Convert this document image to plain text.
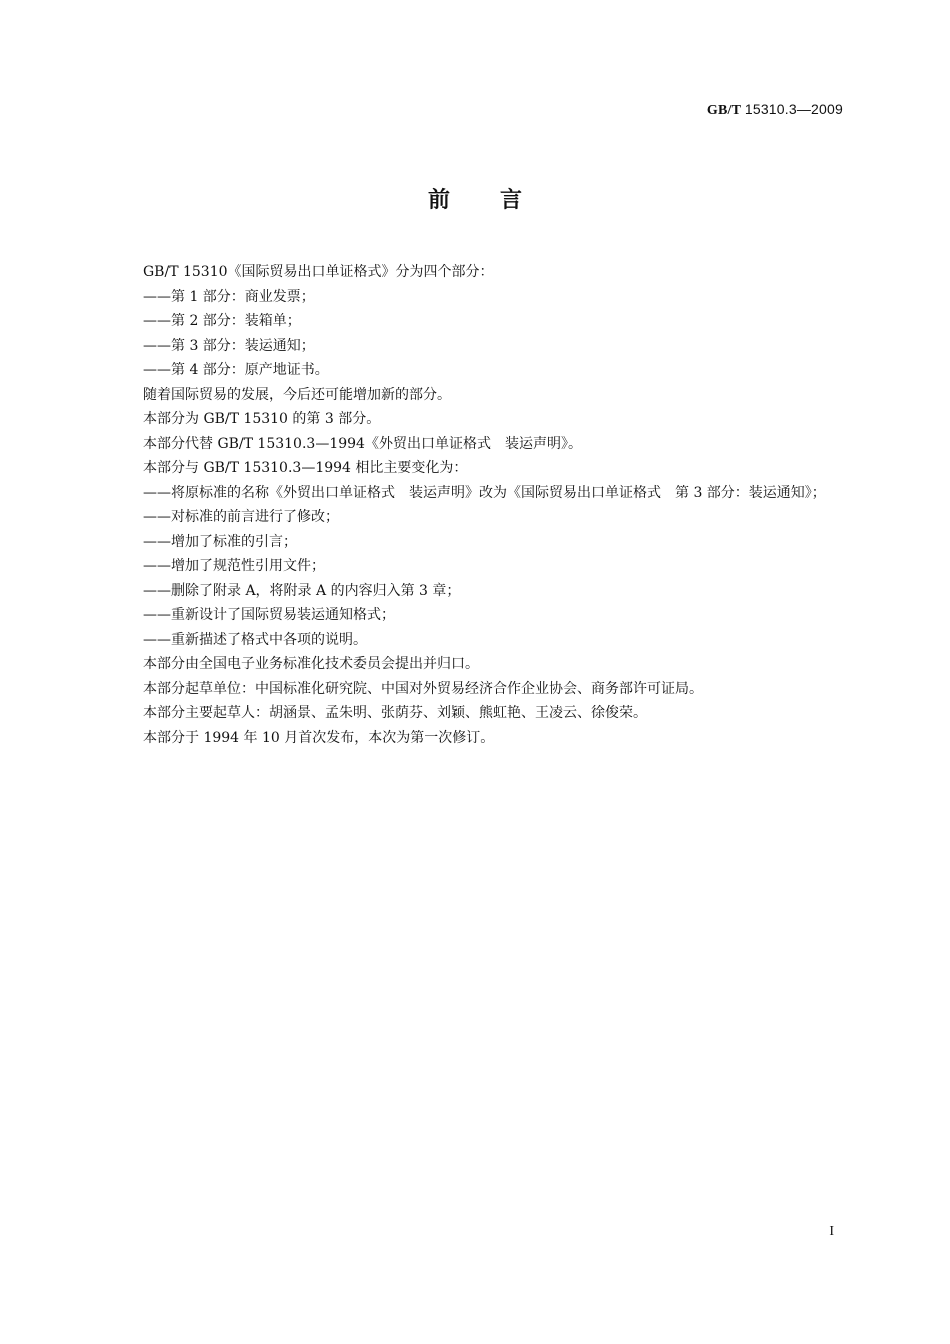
GB/T 15310.3—2009
前言

GB/T 15310《国际贸易出口单证格式》分为四个部分：

——第 1 部分：商业发票；

——第 2 部分：装箱单；

——第 3 部分：装运通知；

——第 4 部分：原产地证书。

随着国际贸易的发展，今后还可能增加新的部分。

本部分为 GB/T 15310 的第 3 部分。

本部分代替 GB/T 15310.3—1994《外贸出口单证格式　装运声明》。

本部分与 GB/T 15310.3—1994 相比主要变化为：

——将原标准的名称《外贸出口单证格式　装运声明》改为《国际贸易出口单证格式　第 3 部分：装运通知》；

——对标准的前言进行了修改；

——增加了标准的引言；

——增加了规范性引用文件；

——删除了附录 A，将附录 A 的内容归入第 3 章；

——重新设计了国际贸易装运通知格式；

——重新描述了格式中各项的说明。

本部分由全国电子业务标准化技术委员会提出并归口。

本部分起草单位：中国标准化研究院、中国对外贸易经济合作企业协会、商务部许可证局。

本部分主要起草人：胡涵景、孟朱明、张荫芬、刘颖、熊虹艳、王凌云、徐俊荣。

本部分于 1994 年 10 月首次发布，本次为第一次修订。

I
